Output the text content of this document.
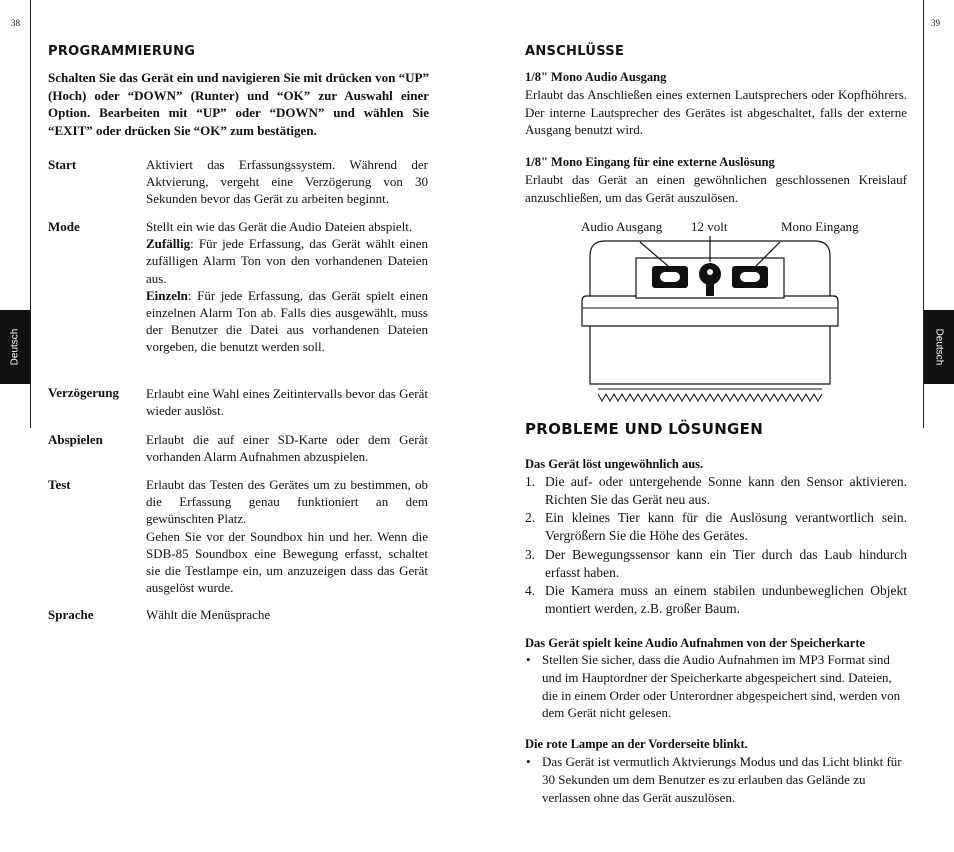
38
Deutsch
PROGRAMMIERUNG
Schalten Sie das Gerät ein und navigieren Sie mit drücken von “UP” (Hoch) oder “DOWN” (Runter) und “OK” zur Auswahl einer Option. Bearbeiten mit “UP” oder “DOWN” und wählen Sie “EXIT” oder drücken Sie “OK” zum bestätigen.
Start	Aktiviert das Erfassungssystem. Während der Aktvierung, vergeht eine Verzögerung von 30 Sekunden bevor das Gerät zu arbeiten beginnt.

Mode	Stellt ein wie das Gerät die Audio Dateien abspielt.

Zufällig: Für jede Erfassung, das Gerät wählt einen zufälligen Alarm Ton von den vorhandenen Dateien aus.

Einzeln: Für jede Erfassung, das Gerät spielt einen einzelnen Alarm Ton ab. Falls dies ausgewählt, muss der Benutzer die Datei aus vorhandenen Dateien vorgeben, die benutzt werden soll.

Verzögerung Erlaubt eine Wahl eines Zeitintervalls bevor das Gerät wieder auslöst.

Abspielen	Erlaubt die auf einer SD-Karte oder dem Gerät vorhanden Alarm Aufnahmen abzuspielen.

Test	Erlaubt das Testen des Gerätes um zu bestimmen, ob die Erfassung genau funktioniert an dem gewünschten Platz.

Gehen Sie vor der Soundbox hin und her. Wenn die SDB-85 Soundbox eine Bewegung erfasst, schaltet sie die Testlampe ein, um anzuzeigen dass das Gerät ausgelöst wurde.

Sprache	Wählt die Menüsprache

39
Deutsch
ANSCHLÜSSE
1/8" Mono Audio Ausgang
Erlaubt das Anschließen eines externen Lautsprechers oder Kopfhöhrers. Der interne Lautsprecher des Gerätes ist abgeschaltet, falls der externe Ausgang benutzt wird.
1/8" Mono Eingang für eine externe Auslösung
Erlaubt das Gerät an einen gewöhnlichen geschlossenen Kreislauf anzuschließen, um das Gerät auszulösen.
Audio Ausgang 12 volt	Mono Eingang
PROBLEME UND LÖSUNGEN
Das Gerät löst ungewöhnlich aus.
1. Die auf- oder untergehende Sonne kann den Sensor aktivieren. Richten Sie das Gerät neu aus.
2. Ein kleines Tier kann für die Auslösung verantwortlich sein. Vergrößern Sie die Höhe des Gerätes.
3. Der Bewegungssensor kann ein Tier durch das Laub hindurch erfasst haben.
4. Die Kamera muss an einem stabilen undunbeweglichen Objekt montiert werden, z.B. großer Baum.
Das Gerät spielt keine Audio Aufnahmen von der Speicherkarte
• Stellen Sie sicher, dass die Audio Aufnahmen im MP3 Format sind und im Hauptordner der Speicherkarte abgespeichert sind. Dateien, die in einem Order oder Unterordner abgespeichert sind, werden von dem Gerät nicht gelesen.
Die rote Lampe an der Vorderseite blinkt.
• Das Gerät ist vermutlich Aktvierungs Modus und das Licht blinkt für 30 Sekunden um dem Benutzer es zu erlauben das Gelände zu verlassen ohne das Gerät auszulösen.
